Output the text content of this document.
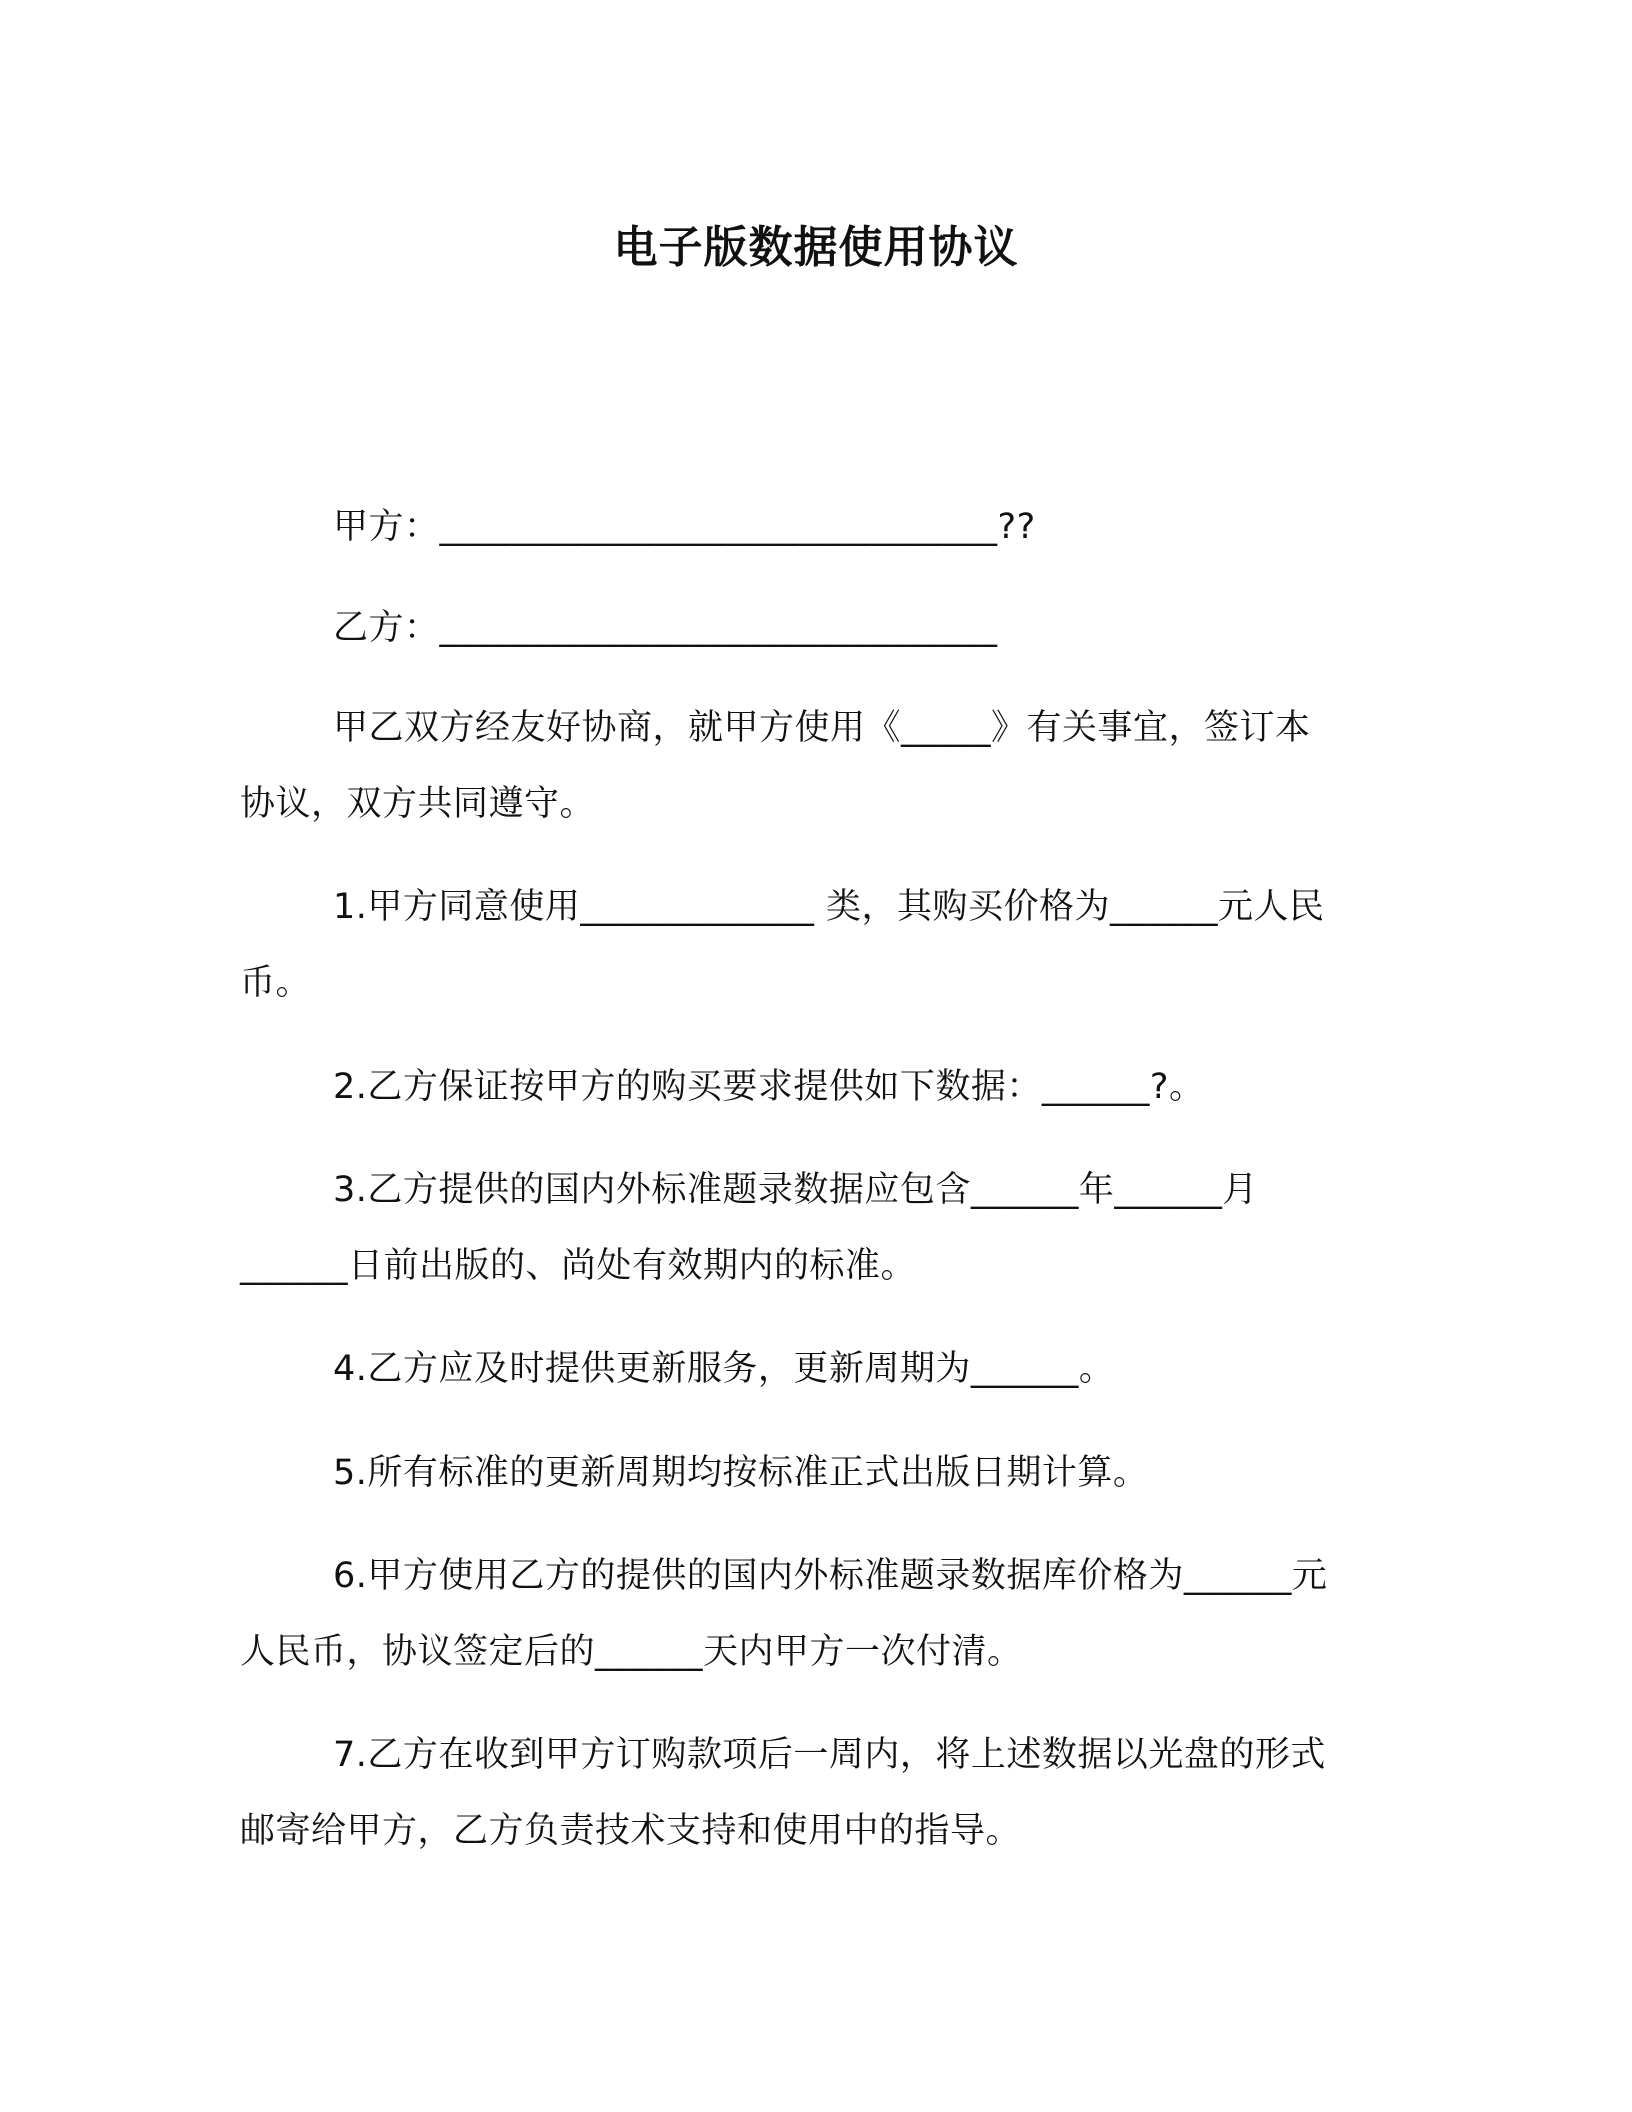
电子版数据使用协议
甲方：_______________________________??
乙方：_______________________________
甲乙双方经友好协商，就甲方使用《_____》有关事宜，签订本
协议，双方共同遵守。
1.甲方同意使用_____________ 类，其购买价格为______元人民
币。
2.乙方保证按甲方的购买要求提供如下数据：______?。
3.乙方提供的国内外标准题录数据应包含______年______月
______日前出版的、尚处有效期内的标准。
4.乙方应及时提供更新服务，更新周期为______。
5.所有标准的更新周期均按标准正式出版日期计算。
6.甲方使用乙方的提供的国内外标准题录数据库价格为______元
人民币，协议签定后的______天内甲方一次付清。
7.乙方在收到甲方订购款项后一周内，将上述数据以光盘的形式
邮寄给甲方，乙方负责技术支持和使用中的指导。
